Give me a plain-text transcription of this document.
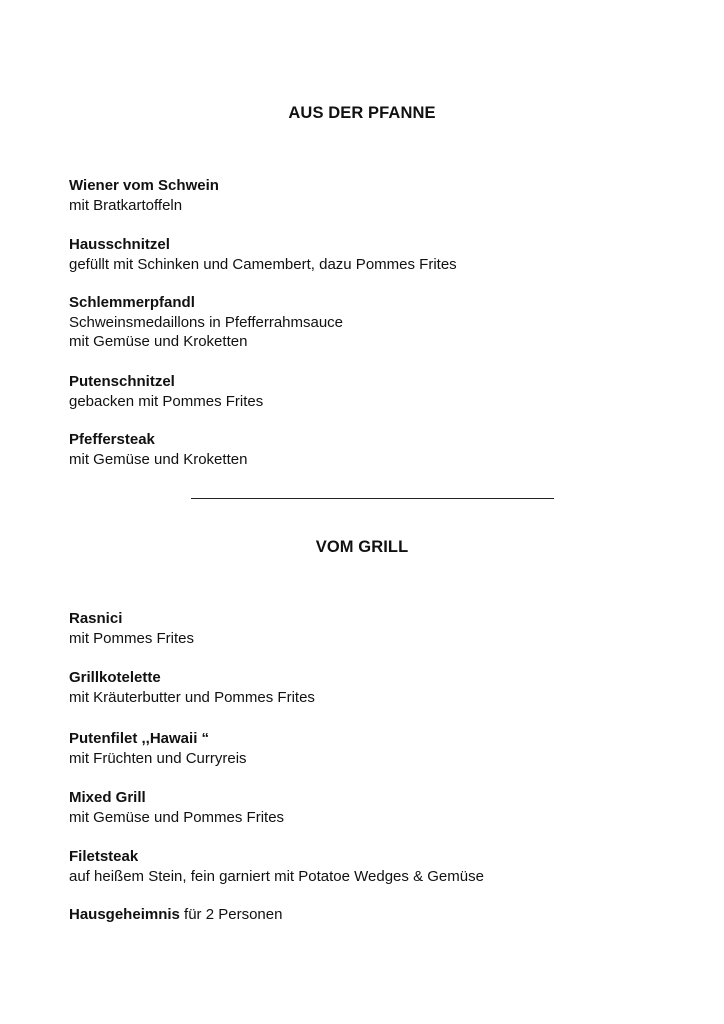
AUS DER PFANNE
Wiener vom Schwein
mit Bratkartoffeln
Hausschnitzel
gefüllt mit Schinken und Camembert, dazu Pommes Frites
Schlemmerpfandl
Schweinsmedaillons in Pfefferrahmsauce
mit Gemüse und Kroketten
Putenschnitzel
gebacken mit Pommes Frites
Pfeffersteak
mit Gemüse und Kroketten
VOM GRILL
Rasnici
mit Pommes Frites
Grillkotelette
mit Kräuterbutter und Pommes Frites
Putenfilet ,,Hawaii “
mit Früchten und Curryreis
Mixed Grill
mit Gemüse und Pommes Frites
Filetsteak
auf heißem Stein, fein garniert mit Potatoe Wedges & Gemüse
Hausgeheimnis für 2 Personen
